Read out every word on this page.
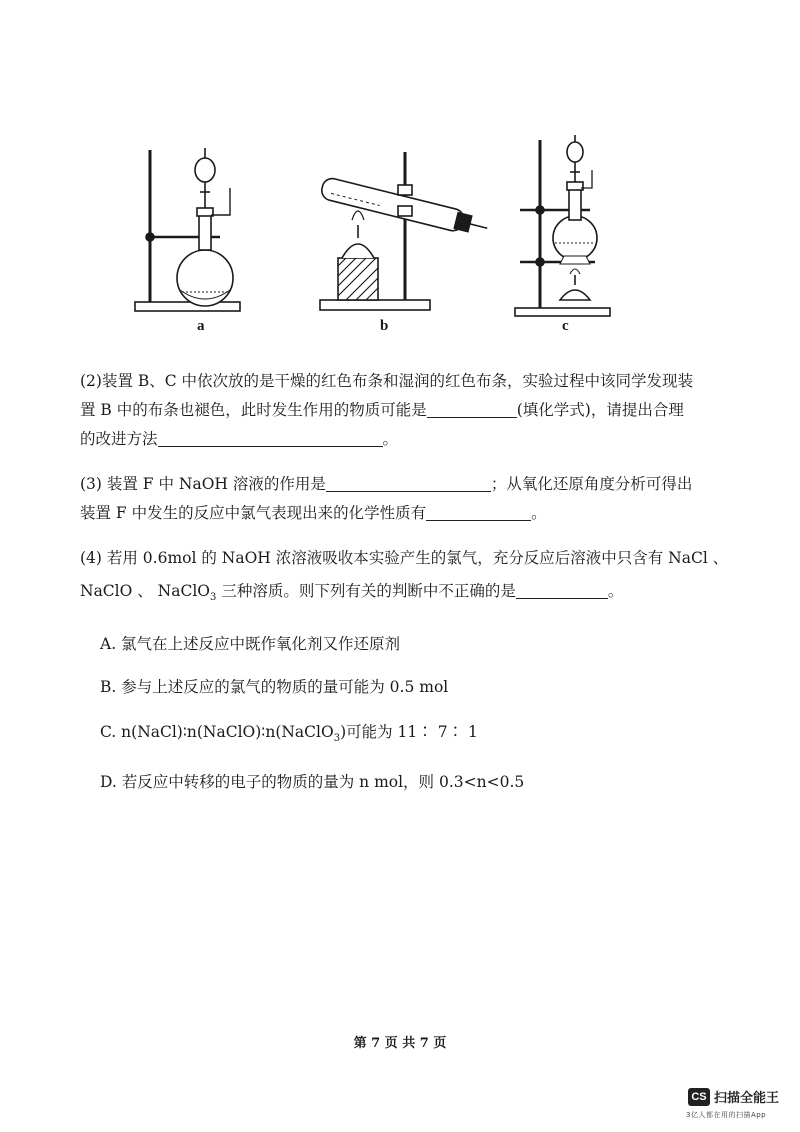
a	b	c
(2)装置 B、C 中依次放的是干燥的红色布条和湿润的红色布条，实验过程中该同学发现装
置 B 中的布条也褪色，此时发生作用的物质可能是	(填化学式)，请提出合理
的改进方法	。
(3) 装置 F 中 NaOH 溶液的作用是	；从氧化还原角度分析可得出
装置 F 中发生的反应中氯气表现出来的化学性质有	。
(4) 若用 0.6mol 的 NaOH 浓溶液吸收本实验产生的氯气，充分反应后溶液中只含有 NaCl 、
NaClO 、 NaClO$_3$ 三种溶质。则下列有关的判断中不正确的是	。
A. 氯气在上述反应中既作氧化剂又作还原剂
B. 参与上述反应的氯气的物质的量可能为 0.5 mol
C. n(NaCl)∶n(NaClO)∶n(NaClO$_3$)可能为 11∶ 7∶ 1
D. 若反应中转移的电子的物质的量为 n mol，则 0.3<n<0.5
第 7 页 共 7 页
CS 扫描全能王
3亿人都在用的扫描App
